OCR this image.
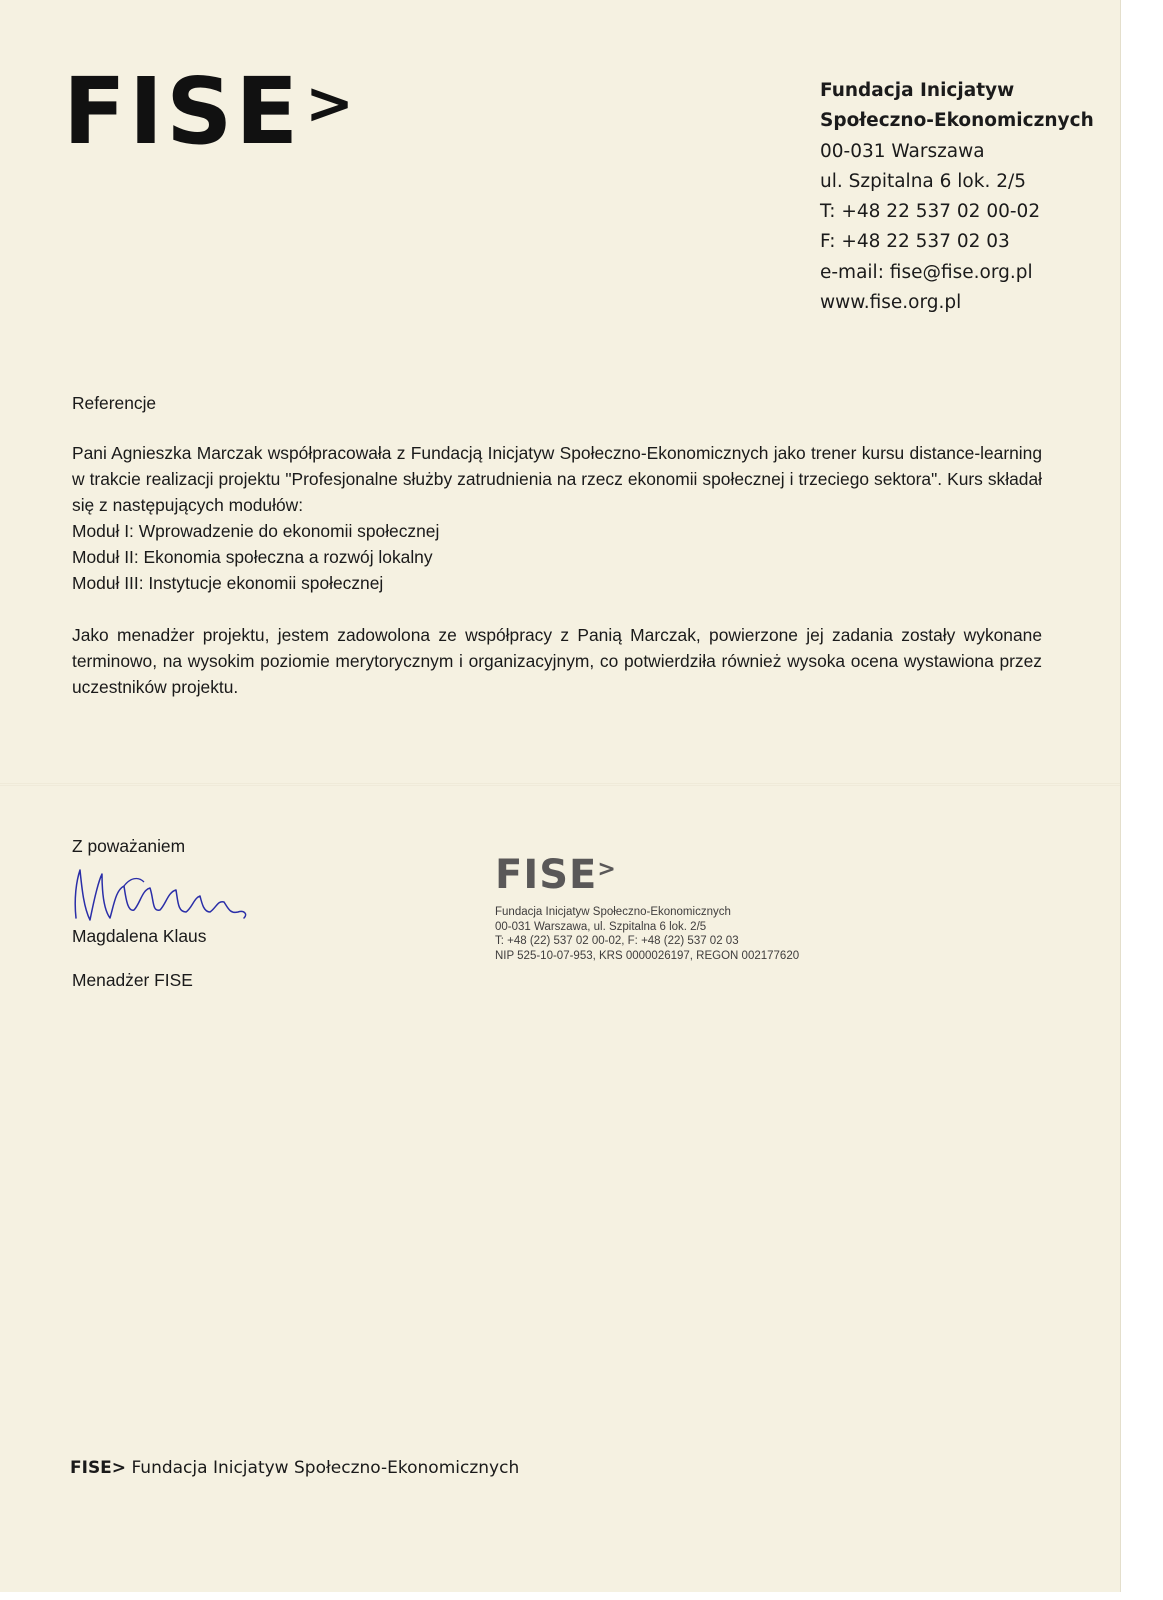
FISE>	Fundacja Inicjatyw
Społeczno-Ekonomicznych
00-031 Warszawa
ul. Szpitalna 6 lok. 2/5
T: +48 22 537 02 00-02
F: +48 22 537 02 03
e-mail: fise@fise.org.pl
www.fise.org.pl
Referencje
Pani Agnieszka Marczak współpracowała z Fundacją Inicjatyw Społeczno-Ekonomicznych jako trener kursu distance-learning w trakcie realizacji projektu "Profesjonalne służby zatrudnienia na rzecz ekonomii społecznej i trzeciego sektora". Kurs składał się z następujących modułów:
Moduł I: Wprowadzenie do ekonomii społecznej
Moduł II: Ekonomia społeczna a rozwój lokalny
Moduł III: Instytucje ekonomii społecznej
Jako menadżer projektu, jestem zadowolona ze współpracy z Panią Marczak, powierzone jej zadania zostały wykonane terminowo, na wysokim poziomie merytorycznym i organizacyjnym, co potwierdziła również wysoka ocena wystawiona przez uczestników projektu.
Z poważaniem
Magdalena Klaus
Menadżer FISE
FISE>
Fundacja Inicjatyw Społeczno-Ekonomicznych
00-031 Warszawa, ul. Szpitalna 6 lok. 2/5
T: +48 (22) 537 02 00-02, F: +48 (22) 537 02 03
NIP 525-10-07-953, KRS 0000026197, REGON 002177620
FISE> Fundacja Inicjatyw Społeczno-Ekonomicznych
